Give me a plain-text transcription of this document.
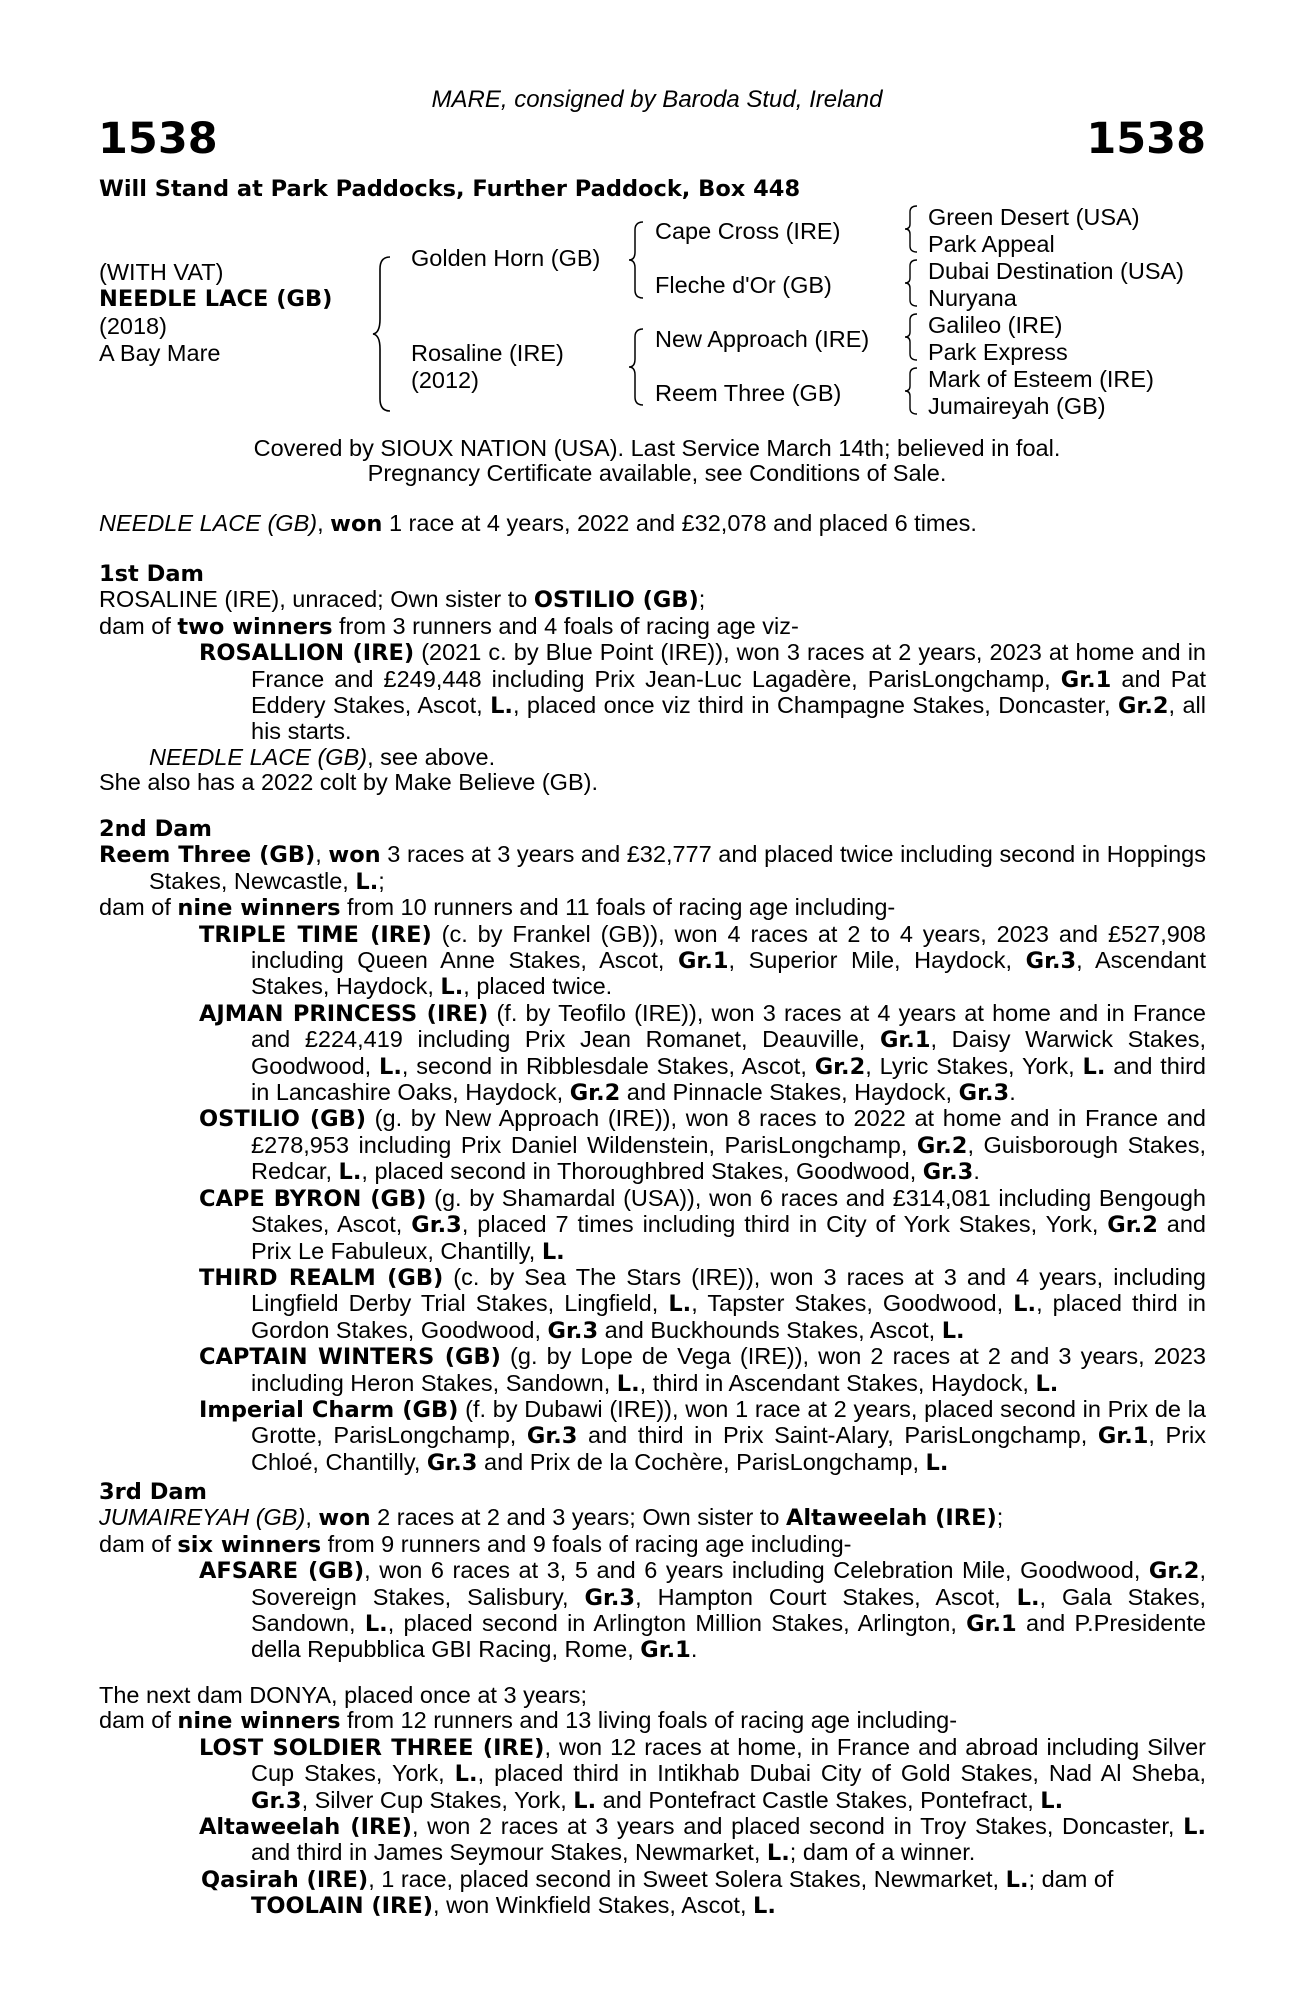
MARE, consigned by Baroda Stud, Ireland
1538	1538
Will Stand at Park Paddocks, Further Paddock, Box 448
(WITH VAT)
NEEDLE LACE (GB)
(2018)
A Bay Mare
Golden Horn (GB)
Rosaline (IRE)
(2012)
Cape Cross (IRE)
Fleche d'Or (GB)
New Approach (IRE)
Reem Three (GB)
Green Desert (USA)
Park Appeal
Dubai Destination (USA)
Nuryana
Galileo (IRE)
Park Express
Mark of Esteem (IRE)
Jumaireyah (GB)
Covered by SIOUX NATION (USA). Last Service March 14th; believed in foal.
Pregnancy Certificate available, see Conditions of Sale.
NEEDLE LACE (GB), won 1 race at 4 years, 2022 and £32,078 and placed 6 times.

1st Dam

ROSALINE (IRE), unraced; Own sister to OSTILIO (GB);

dam of two winners from 3 runners and 4 foals of racing age viz-

ROSALLION (IRE) (2021 c. by Blue Point (IRE)), won 3 races at 2 years, 2023 at home and in France and £249,448 including Prix Jean-Luc Lagadère, ParisLongchamp, Gr.1 and Pat Eddery Stakes, Ascot, L., placed once viz third in Champagne Stakes, Doncaster, Gr.2, all his starts.

NEEDLE LACE (GB), see above.

She also has a 2022 colt by Make Believe (GB).

2nd Dam

Reem Three (GB), won 3 races at 3 years and £32,777 and placed twice including second in Hoppings Stakes, Newcastle, L.;

dam of nine winners from 10 runners and 11 foals of racing age including-

TRIPLE TIME (IRE) (c. by Frankel (GB)), won 4 races at 2 to 4 years, 2023 and £527,908 including Queen Anne Stakes, Ascot, Gr.1, Superior Mile, Haydock, Gr.3, Ascendant Stakes, Haydock, L., placed twice.

AJMAN PRINCESS (IRE) (f. by Teofilo (IRE)), won 3 races at 4 years at home and in France and £224,419 including Prix Jean Romanet, Deauville, Gr.1, Daisy Warwick Stakes, Goodwood, L., second in Ribblesdale Stakes, Ascot, Gr.2, Lyric Stakes, York, L. and third in Lancashire Oaks, Haydock, Gr.2 and Pinnacle Stakes, Haydock, Gr.3.

OSTILIO (GB) (g. by New Approach (IRE)), won 8 races to 2022 at home and in France and £278,953 including Prix Daniel Wildenstein, ParisLongchamp, Gr.2, Guisborough Stakes, Redcar, L., placed second in Thoroughbred Stakes, Goodwood, Gr.3.

CAPE BYRON (GB) (g. by Shamardal (USA)), won 6 races and £314,081 including Bengough Stakes, Ascot, Gr.3, placed 7 times including third in City of York Stakes, York, Gr.2 and Prix Le Fabuleux, Chantilly, L.

THIRD REALM (GB) (c. by Sea The Stars (IRE)), won 3 races at 3 and 4 years, including Lingfield Derby Trial Stakes, Lingfield, L., Tapster Stakes, Goodwood, L., placed third in Gordon Stakes, Goodwood, Gr.3 and Buckhounds Stakes, Ascot, L.

CAPTAIN WINTERS (GB) (g. by Lope de Vega (IRE)), won 2 races at 2 and 3 years, 2023 including Heron Stakes, Sandown, L., third in Ascendant Stakes, Haydock, L.

Imperial Charm (GB) (f. by Dubawi (IRE)), won 1 race at 2 years, placed second in Prix de la Grotte, ParisLongchamp, Gr.3 and third in Prix Saint-Alary, ParisLongchamp, Gr.1, Prix Chloé, Chantilly, Gr.3 and Prix de la Cochère, ParisLongchamp, L.

3rd Dam

JUMAIREYAH (GB), won 2 races at 2 and 3 years; Own sister to Altaweelah (IRE);

dam of six winners from 9 runners and 9 foals of racing age including-

AFSARE (GB), won 6 races at 3, 5 and 6 years including Celebration Mile, Goodwood, Gr.2, Sovereign Stakes, Salisbury, Gr.3, Hampton Court Stakes, Ascot, L., Gala Stakes, Sandown, L., placed second in Arlington Million Stakes, Arlington, Gr.1 and P.Presidente della Repubblica GBI Racing, Rome, Gr.1.

The next dam DONYA, placed once at 3 years;

dam of nine winners from 12 runners and 13 living foals of racing age including-

LOST SOLDIER THREE (IRE), won 12 races at home, in France and abroad including Silver Cup Stakes, York, L., placed third in Intikhab Dubai City of Gold Stakes, Nad Al Sheba, Gr.3, Silver Cup Stakes, York, L. and Pontefract Castle Stakes, Pontefract, L.

Altaweelah (IRE), won 2 races at 3 years and placed second in Troy Stakes, Doncaster, L. and third in James Seymour Stakes, Newmarket, L.; dam of a winner.

Qasirah (IRE), 1 race, placed second in Sweet Solera Stakes, Newmarket, L.; dam of

TOOLAIN (IRE), won Winkfield Stakes, Ascot, L.
